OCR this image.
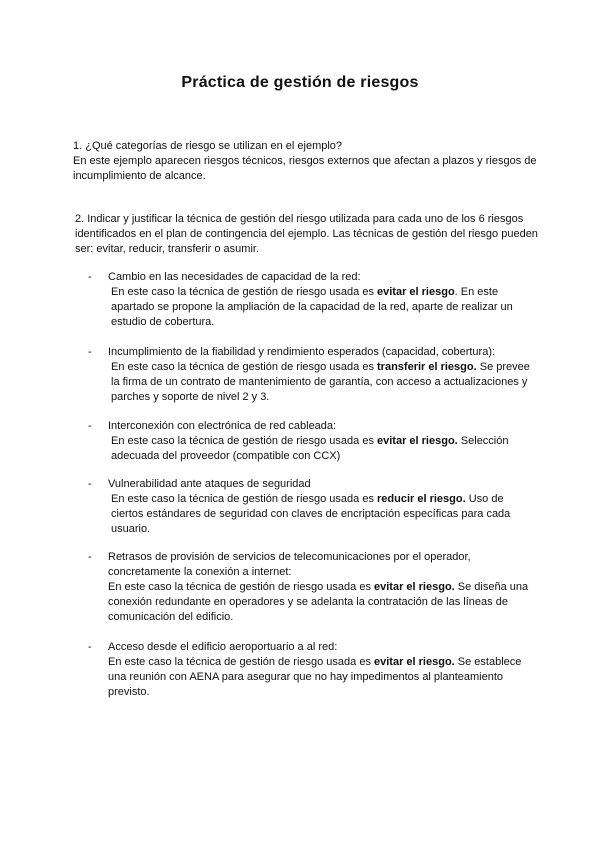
Práctica de gestión de riesgos
1. ¿Qué categorías de riesgo se utilizan en el ejemplo?
En este ejemplo aparecen riesgos técnicos, riesgos externos que afectan a plazos y riesgos de incumplimiento de alcance.
2. Indicar y justificar la técnica de gestión del riesgo utilizada para cada uno de los 6 riesgos identificados en el plan de contingencia del ejemplo. Las técnicas de gestión del riesgo pueden ser: evitar, reducir, transferir o asumir.
- Cambio en las necesidades de capacidad de la red:
En este caso la técnica de gestión de riesgo usada es evitar el riesgo. En este apartado se propone la ampliación de la capacidad de la red, aparte de realizar un estudio de cobertura.
- Incumplimiento de la fiabilidad y rendimiento esperados (capacidad, cobertura):
En este caso la técnica de gestión de riesgo usada es transferir el riesgo. Se prevee la firma de un contrato de mantenimiento de garantía, con acceso a actualizaciones y parches y soporte de nivel 2 y 3.
- Interconexión con electrónica de red cableada:
En este caso la técnica de gestión de riesgo usada es evitar el riesgo. Selección adecuada del proveedor (compatible con CCX)
- Vulnerabilidad ante ataques de seguridad
En este caso la técnica de gestión de riesgo usada es reducir el riesgo. Uso de ciertos estándares de seguridad con claves de encriptación específicas para cada usuario.
- Retrasos de provisión de servicios de telecomunicaciones por el operador, concretamente la conexión a internet:
En este caso la técnica de gestión de riesgo usada es evitar el riesgo. Se diseña una conexión redundante en operadores y se adelanta la contratación de las líneas de comunicación del edificio.
- Acceso desde el edificio aeroportuario a al red:
En este caso la técnica de gestión de riesgo usada es evitar el riesgo. Se establece una reunión con AENA para asegurar que no hay impedimentos al planteamiento previsto.
